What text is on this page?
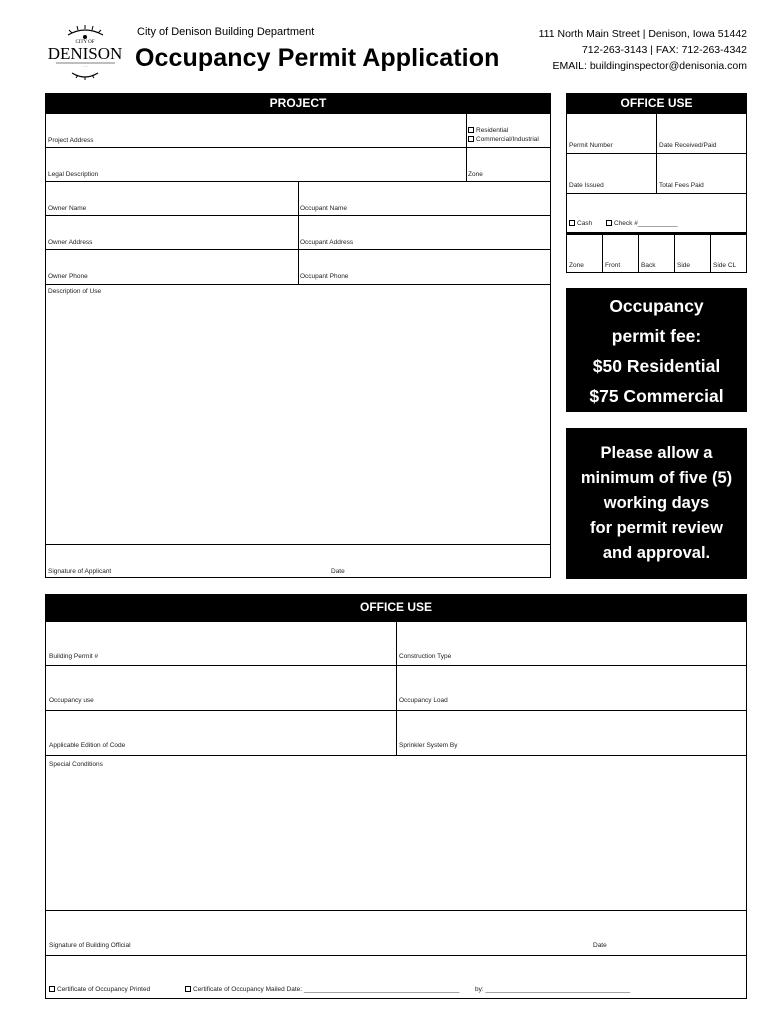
CITY OF
DENISON
· · ·
City of Denison Building Department
Occupancy Permit Application
111 North Main Street | Denison, Iowa 51442
712-263-3143 | FAX: 712-263-4342
EMAIL: buildinginspector@denisonia.com
PROJECT
Project Address
Residential
Commercial/Industrial
Legal Description	Zone
Owner Name	Occupant Name
Owner Address	Occupant Address
Owner Phone	Occupant Phone
Description of Use
Signature of Applicant	Date
OFFICE USE
Permit Number	Date Received/Paid
Date Issued	Total Fees Paid
Cash	Check #___________
Zone	Front	Back	Side	Side CL
Occupancy
permit fee:
$50 Residential
$75 Commercial
Please allow a
minimum of five (5)
working days
for permit review
and approval.
OFFICE USE
Building Permit #	Construction Type
Occupancy use	Occupancy Load
Applicable Edition of Code	Sprinkler System By
Special Conditions
Signature of Building Official	Date
Certificate of Occupancy Printed	Certificate of Occupancy Mailed Date: ___________________________________________ by: ________________________________________
